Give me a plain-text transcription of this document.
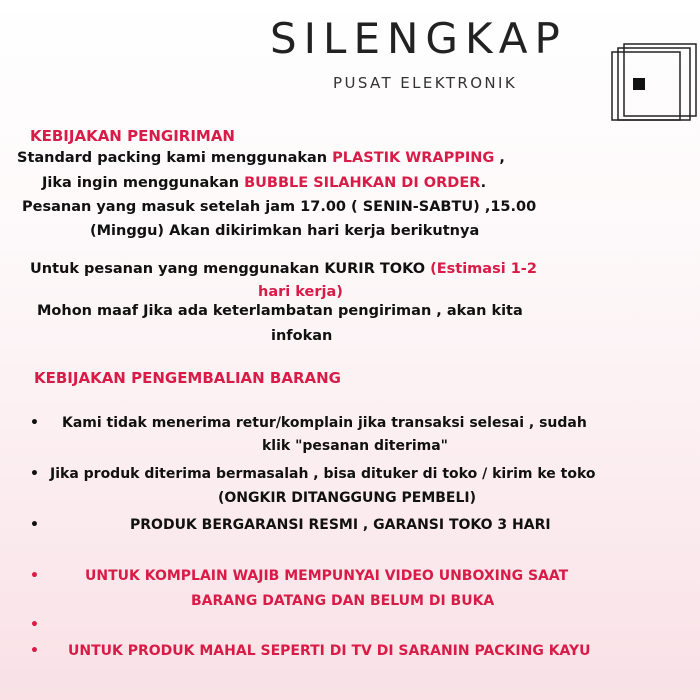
SILENGKAP
PUSAT ELEKTRONIK
KEBIJAKAN PENGIRIMAN
Standard packing kami menggunakan PLASTIK WRAPPING ,
Jika ingin menggunakan BUBBLE SILAHKAN DI ORDER.
Pesanan yang masuk setelah jam 17.00 ( SENIN-SABTU) ,15.00
(Minggu) Akan dikirimkan hari kerja berikutnya
Untuk pesanan yang menggunakan KURIR TOKO (Estimasi 1-2
hari kerja)
Mohon maaf Jika ada keterlambatan pengiriman , akan kita
infokan
KEBIJAKAN PENGEMBALIAN BARANG
• Kami tidak menerima retur/komplain jika transaksi selesai , sudah
klik "pesanan diterima"
• Jika produk diterima bermasalah , bisa dituker di toko / kirim ke toko
(ONGKIR DITANGGUNG PEMBELI)
•	PRODUK BERGARANSI RESMI , GARANSI TOKO 3 HARI
•	UNTUK KOMPLAIN WAJIB MEMPUNYAI VIDEO UNBOXING SAAT
BARANG DATANG DAN BELUM DI BUKA
•
• UNTUK PRODUK MAHAL SEPERTI DI TV DI SARANIN PACKING KAYU
